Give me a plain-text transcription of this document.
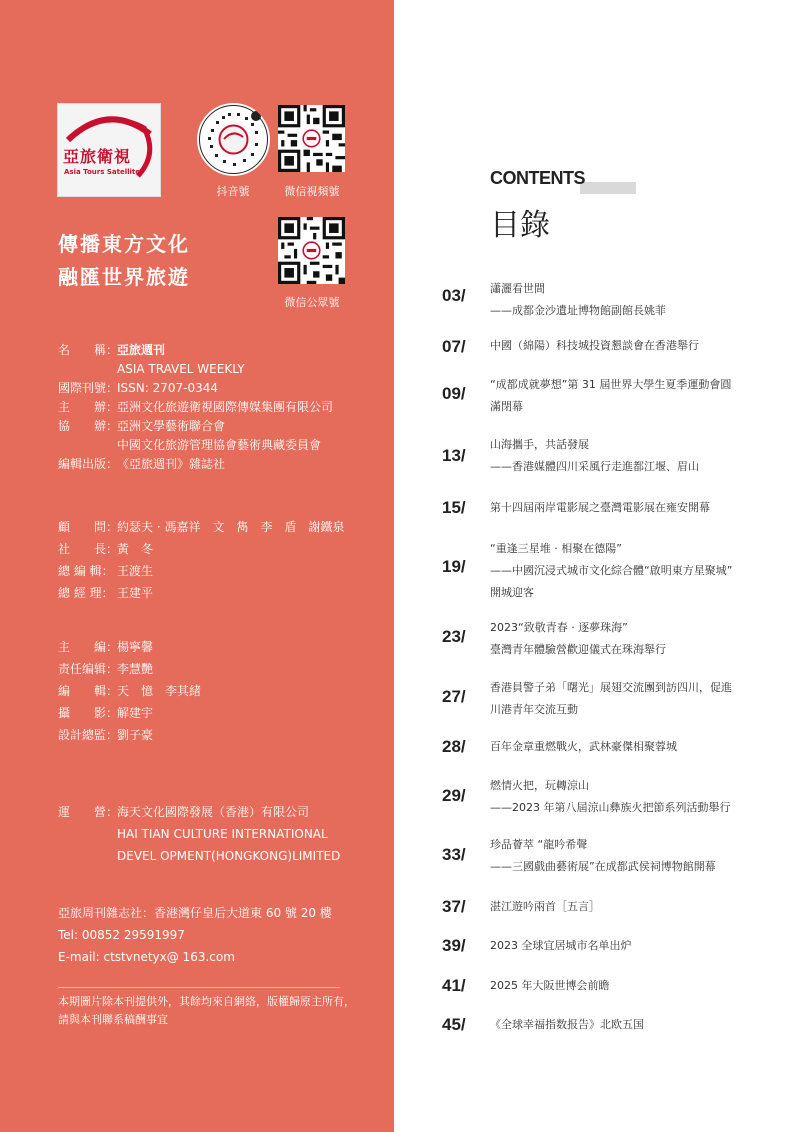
亞旅衛視
Asia Tours Satellite
抖音號	微信視頻號
傳播東方文化
融匯世界旅遊
微信公眾號
名　　稱：亞旅週刊
ASIA TRAVEL WEEKLY
國際刊號：ISSN: 2707-0344
主　　辦：亞洲文化旅遊衛視國際傳媒集團有限公司
協　　辦：亞洲文學藝術聯合會
中國文化旅游管理協會藝術典藏委員會
編輯出版：《亞旅週刊》雜誌社
顧　　問：約瑟夫 · 馮嘉祥　文　雋　李　盾　謝鐵泉
社　　長：黃　冬
總 編 輯： 王渡生
總 經 理： 王建平
主　　編：楊寧馨
责任编辑：李慧艷
編　　輯：天　憶　李其緒
攝　　影：解建宇
設計總監：劉子豪
運　　營：海天文化國際發展（香港）有限公司
HAI TIAN CULTURE INTERNATIONAL
DEVEL OPMENT(HONGKONG)LIMITED
亞旅周刊雜志社：香港灣仔皇后大道東 60 號 20 樓
Tel: 00852 29591997
E-mail: ctstvnetyx@ 163.com
本期圖片除本刊提供外，其餘均來自網絡，版權歸原主所有，
請與本刊聯系稿酬事宜
CONTENTS
目錄
03/	瀟灑看世間
——成都金沙遺址博物館副館長姚菲
07/	中國（綿陽）科技城投資懇談會在香港舉行
09/	“成都成就夢想”第 31 屆世界大學生夏季運動會圓
滿閉幕
13/
山海攜手，共話發展
——香港媒體四川采風行走進都江堰、眉山
15/	第十四屆兩岸電影展之臺灣電影展在雍安開幕
19/
“重逢三星堆 · 相聚在德陽”
——中國沉浸式城市文化綜合體“啟明東方星聚城”
開城迎客
23/	2023“致敬青春 · 逐夢珠海”
臺灣青年體驗營歡迎儀式在珠海舉行
27/	香港員警子弟「曙光」展翅交流團到訪四川，促進
川港青年交流互動
28/	百年金章重燃戰火，武林豪傑相聚蓉城
29/
燃情火把，玩轉涼山
——2023 年第八屆涼山彝族火把節系列活動舉行
33/
珍品薈萃 “龍吟希聲
——三國戲曲藝術展”在成都武侯祠博物館開幕
37/	湛江遊吟兩首［五言］
39/	2023 全球宜居城市名单出炉
41/	2025 年大阪世博会前瞻
45/	《全球幸福指数报告》北欧五国
